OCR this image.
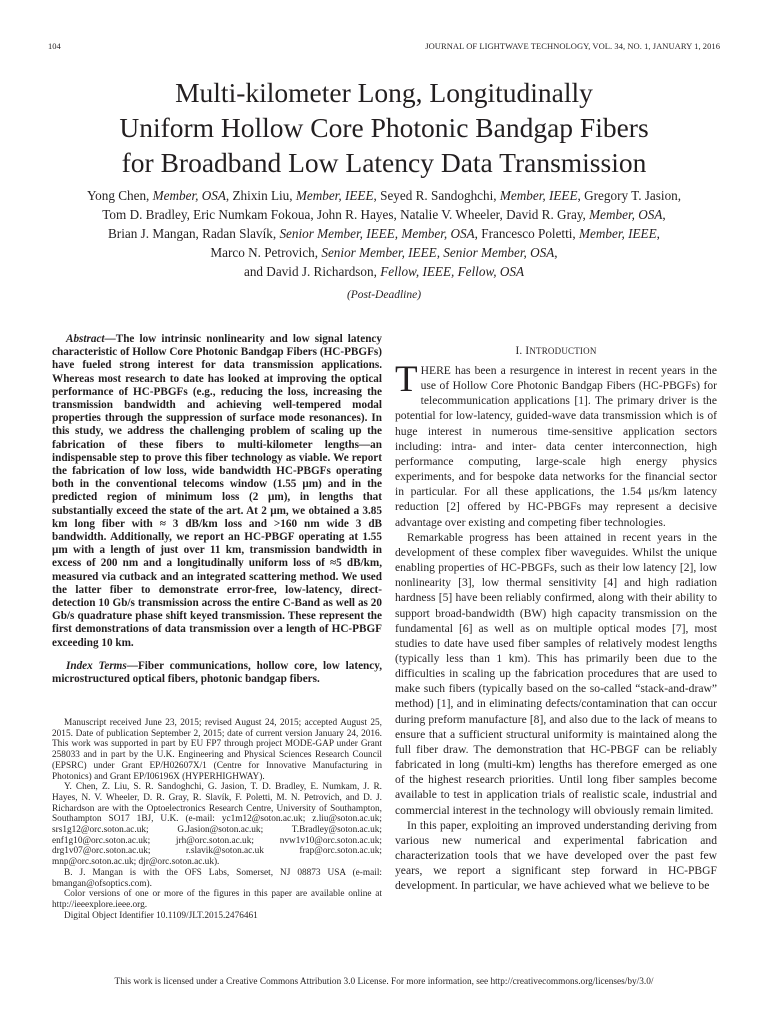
104	JOURNAL OF LIGHTWAVE TECHNOLOGY, VOL. 34, NO. 1, JANUARY 1, 2016
Multi-kilometer Long, Longitudinally
Uniform Hollow Core Photonic Bandgap Fibers
for Broadband Low Latency Data Transmission
Yong Chen, Member, OSA, Zhixin Liu, Member, IEEE, Seyed R. Sandoghchi, Member, IEEE, Gregory T. Jasion,
Tom D. Bradley, Eric Numkam Fokoua, John R. Hayes, Natalie V. Wheeler, David R. Gray, Member, OSA,
Brian J. Mangan, Radan Slavík, Senior Member, IEEE, Member, OSA, Francesco Poletti, Member, IEEE,
Marco N. Petrovich, Senior Member, IEEE, Senior Member, OSA,
and David J. Richardson, Fellow, IEEE, Fellow, OSA
(Post-Deadline)

Abstract—The low intrinsic nonlinearity and low signal latency characteristic of Hollow Core Photonic Bandgap Fibers (HC-PBGFs) have fueled strong interest for data transmission applications. Whereas most research to date has looked at improving the optical performance of HC-PBGFs (e.g., reducing the loss, increasing the transmission bandwidth and achieving well-tempered modal properties through the suppression of surface mode resonances). In this study, we address the challenging problem of scaling up the fabrication of these fibers to multi-kilometer lengths—an indispensable step to prove this fiber technology as viable. We report the fabrication of low loss, wide bandwidth HC-PBGFs operating both in the conventional telecoms window (1.55 μm) and in the predicted region of minimum loss (2 μm), in lengths that substantially exceed the state of the art. At 2 μm, we obtained a 3.85 km long fiber with ≈ 3 dB/km loss and >160 nm wide 3 dB bandwidth. Additionally, we report an HC-PBGF operating at 1.55 μm with a length of just over 11 km, transmission bandwidth in excess of 200 nm and a longitudinally uniform loss of ≈5 dB/km, measured via cutback and an integrated scattering method. We used the latter fiber to demonstrate error-free, low-latency, direct-detection 10 Gb/s transmission across the entire C-Band as well as 20 Gb/s quadrature phase shift keyed transmission. These represent the first demonstrations of data transmission over a length of HC-PBGF exceeding 10 km.

Index Terms—Fiber communications, hollow core, low latency, microstructured optical fibers, photonic bandgap fibers.

Manuscript received June 23, 2015; revised August 24, 2015; accepted August 25, 2015. Date of publication September 2, 2015; date of current version January 24, 2016. This work was supported in part by EU FP7 through project MODE-GAP under Grant 258033 and in part by the U.K. Engineering and Physical Sciences Research Council (EPSRC) under Grant EP/H02607X/1 (Centre for Innovative Manufacturing in Photonics) and Grant EP/I06196X (HYPERHIGHWAY).

Y. Chen, Z. Liu, S. R. Sandoghchi, G. Jasion, T. D. Bradley, E. Numkam, J. R. Hayes, N. V. Wheeler, D. R. Gray, R. Slavík, F. Poletti, M. N. Petrovich, and D. J. Richardson are with the Optoelectronics Research Centre, University of Southampton, Southampton SO17 1BJ, U.K. (e-mail: yc1m12@soton.ac.uk; z.liu@soton.ac.uk; srs1g12@orc.soton.ac.uk; G.Jasion@soton.ac.uk; T.Bradley@soton.ac.uk; enf1g10@orc.soton.ac.uk; jrh@orc.soton.ac.uk; nvw1v10@orc.soton.ac.uk; drg1v07@orc.soton.ac.uk; r.slavik@soton.ac.uk frap@orc.soton.ac.uk; mnp@orc.soton.ac.uk; djr@orc.soton.ac.uk).

B. J. Mangan is with the OFS Labs, Somerset, NJ 08873 USA (e-mail: bmangan@ofsoptics.com).

Color versions of one or more of the figures in this paper are available online at http://ieeexplore.ieee.org.

Digital Object Identifier 10.1109/JLT.2015.2476461

I. INTRODUCTION

THERE has been a resurgence in interest in recent years in the use of Hollow Core Photonic Bandgap Fibers (HC-PBGFs) for telecommunication applications [1]. The primary driver is the potential for low-latency, guided-wave data transmission which is of huge interest in numerous time-sensitive application sectors including: intra- and inter- data center interconnection, high performance computing, large-scale high energy physics experiments, and for bespoke data networks for the financial sector in particular. For all these applications, the 1.54 μs/km latency reduction [2] offered by HC-PBGFs may represent a decisive advantage over existing and competing fiber technologies.

Remarkable progress has been attained in recent years in the development of these complex fiber waveguides. Whilst the unique enabling properties of HC-PBGFs, such as their low latency [2], low nonlinearity [3], low thermal sensitivity [4] and high radiation hardness [5] have been reliably confirmed, along with their ability to support broad-bandwidth (BW) high capacity transmission on the fundamental [6] as well as on multiple optical modes [7], most studies to date have used fiber samples of relatively modest lengths (typically less than 1 km). This has primarily been due to the difficulties in scaling up the fabrication procedures that are used to make such fibers (typically based on the so-called “stack-and-draw” method) [1], and in eliminating defects/contamination that can occur during preform manufacture [8], and also due to the lack of means to ensure that a sufficient structural uniformity is maintained along the full fiber draw. The demonstration that HC-PBGF can be reliably fabricated in long (multi-km) lengths has therefore emerged as one of the highest research priorities. Until long fiber samples become available to test in application trials of realistic scale, industrial and commercial interest in the technology will obviously remain limited.

In this paper, exploiting an improved understanding deriving from various new numerical and experimental fabrication and characterization tools that we have developed over the past few years, we report a significant step forward in HC-PBGF development. In particular, we have achieved what we believe to be

This work is licensed under a Creative Commons Attribution 3.0 License. For more information, see http://creativecommons.org/licenses/by/3.0/
